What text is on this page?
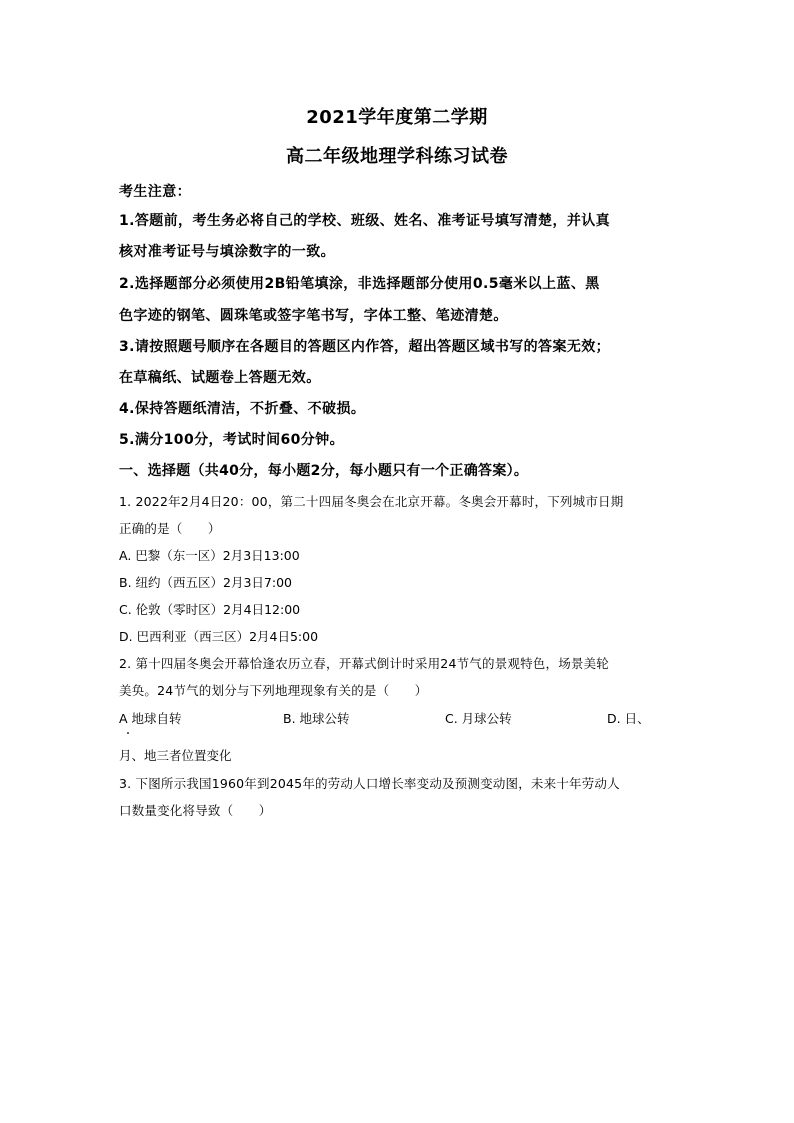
2021学年度第二学期
高二年级地理学科练习试卷
考生注意：
1.答题前，考生务必将自己的学校、班级、姓名、准考证号填写清楚，并认真
核对准考证号与填涂数字的一致。
2.选择题部分必须使用2B铅笔填涂，非选择题部分使用0.5毫米以上蓝、黑
色字迹的钢笔、圆珠笔或签字笔书写，字体工整、笔迹清楚。
3.请按照题号顺序在各题目的答题区内作答，超出答题区域书写的答案无效；
在草稿纸、试题卷上答题无效。
4.保持答题纸清洁，不折叠、不破损。
5.满分100分，考试时间60分钟。
一、选择题（共40分，每小题2分，每小题只有一个正确答案）。
1. 2022年2月4日20：00，第二十四届冬奥会在北京开幕。冬奥会开幕时，下列城市日期
正确的是（　　）
A. 巴黎（东一区）2月3日13:00
B. 纽约（西五区）2月3日7:00
C. 伦敦（零时区）2月4日12:00
D. 巴西利亚（西三区）2月4日5:00
2. 第十四届冬奥会开幕恰逢农历立春，开幕式倒计时采用24节气的景观特色，场景美轮
美奂。24节气的划分与下列地理现象有关的是（　　）
A 地球自转	B. 地球公转	C. 月球公转	D. 日、
月、地三者位置变化
3. 下图所示我国1960年到2045年的劳动人口增长率变动及预测变动图，未来十年劳动人
口数量变化将导致（　　）
